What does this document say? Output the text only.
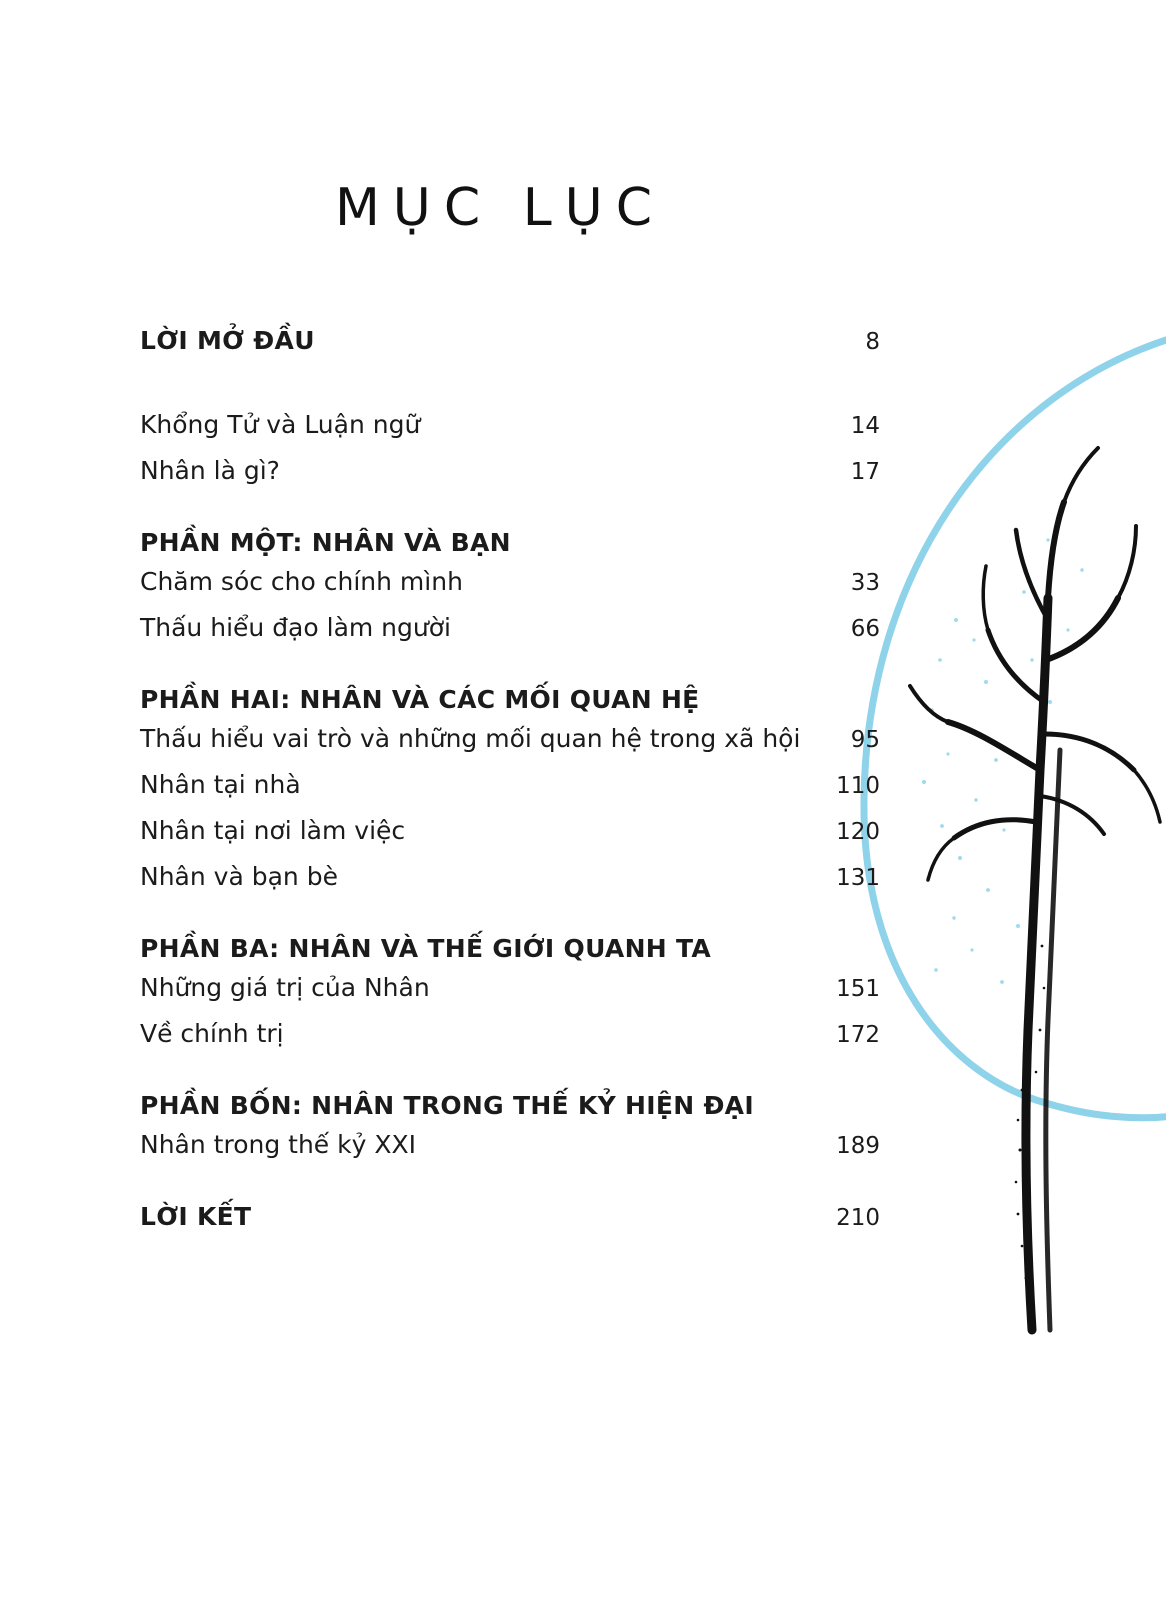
MỤC LỤC
LỜI MỞ ĐẦU	8
Khổng Tử và Luận ngữ	14
Nhân là gì?	17
PHẦN MỘT: NHÂN VÀ BẠN
Chăm sóc cho chính mình	33
Thấu hiểu đạo làm người	66
PHẦN HAI: NHÂN VÀ CÁC MỐI QUAN HỆ
Thấu hiểu vai trò và những mối quan hệ trong xã hội	95
Nhân tại nhà	110
Nhân tại nơi làm việc	120
Nhân và bạn bè	131
PHẦN BA: NHÂN VÀ THẾ GIỚI QUANH TA
Những giá trị của Nhân	151
Về chính trị	172
PHẦN BỐN: NHÂN TRONG THẾ KỶ HIỆN ĐẠI
Nhân trong thế kỷ XXI	189
LỜI KẾT	210
